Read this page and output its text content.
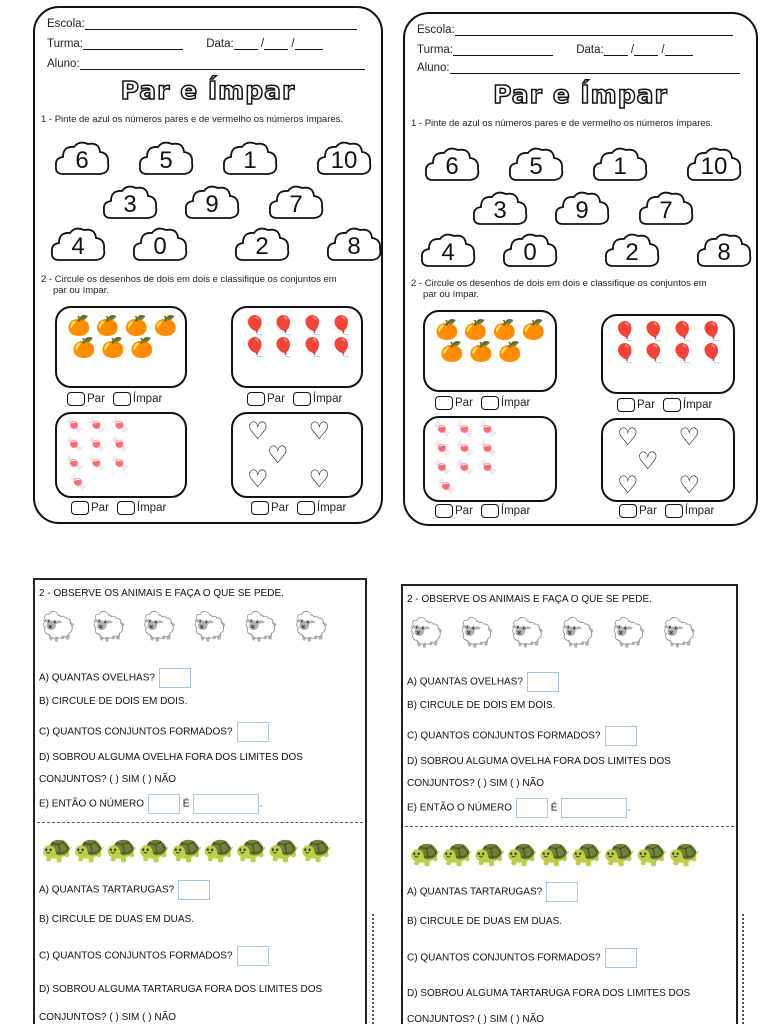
Escola:
Turma:	Data: / /
Aluno:
Par e Ímpar
1 - Pinte de azul os números pares e de vermelho os números ímpares.
6	5	1	10
3	9	7
4	0	2	8
2 - Circule os desenhos de dois em dois e classifique os conjuntos em
par ou ímpar.
🍊 🍊 🍊 🍊
🍊 🍊 🍊
🎈 🎈 🎈 🎈
🎈 🎈 🎈 🎈
Par Ímpar	Par Ímpar
🍬 🍬 🍬
🍬 🍬 🍬
🍬 🍬 🍬
🍬
♡      ♡
♡
♡      ♡
Par Ímpar	Par Ímpar
Escola:
Turma:	Data: / /
Aluno:
Par e Ímpar
1 - Pinte de azul os números pares e de vermelho os números ímpares.
6	5	1	10
3	9	7
4	0	2	8
2 - Circule os desenhos de dois em dois e classifique os conjuntos em
par ou ímpar.
🍊 🍊 🍊 🍊
🍊 🍊 🍊
🎈 🎈 🎈 🎈
🎈 🎈 🎈 🎈
Par Ímpar	Par Ímpar
🍬 🍬 🍬
🍬 🍬 🍬
🍬 🍬 🍬
🍬
♡      ♡
♡
♡      ♡
Par Ímpar	Par Ímpar
2 - OBSERVE OS ANIMAIS E FAÇA O QUE SE PEDE.
🐑 🐑 🐑 🐑 🐑 🐑
A) QUANTAS OVELHAS?
B) CIRCULE DE DOIS EM DOIS.
C) QUANTOS CONJUNTOS FORMADOS?
D) SOBROU ALGUMA OVELHA FORA DOS LIMITES DOS
CONJUNTOS? ( ) SIM ( ) NÃO
E) ENTÃO O NÚMERO	É	.
🐢🐢🐢🐢🐢🐢🐢🐢🐢
A) QUANTAS TARTARUGAS?
B) CIRCULE DE DUAS EM DUAS.
C) QUANTOS CONJUNTOS FORMADOS?
D) SOBROU ALGUMA TARTARUGA FORA DOS LIMITES DOS
CONJUNTOS? ( ) SIM ( ) NÃO
2 - OBSERVE OS ANIMAIS E FAÇA O QUE SE PEDE.
🐑 🐑 🐑 🐑 🐑 🐑
A) QUANTAS OVELHAS?
B) CIRCULE DE DOIS EM DOIS.
C) QUANTOS CONJUNTOS FORMADOS?
D) SOBROU ALGUMA OVELHA FORA DOS LIMITES DOS
CONJUNTOS? ( ) SIM ( ) NÃO
E) ENTÃO O NÚMERO	É	.
🐢🐢🐢🐢🐢🐢🐢🐢🐢
A) QUANTAS TARTARUGAS?
B) CIRCULE DE DUAS EM DUAS.
C) QUANTOS CONJUNTOS FORMADOS?
D) SOBROU ALGUMA TARTARUGA FORA DOS LIMITES DOS
CONJUNTOS? ( ) SIM ( ) NÃO
